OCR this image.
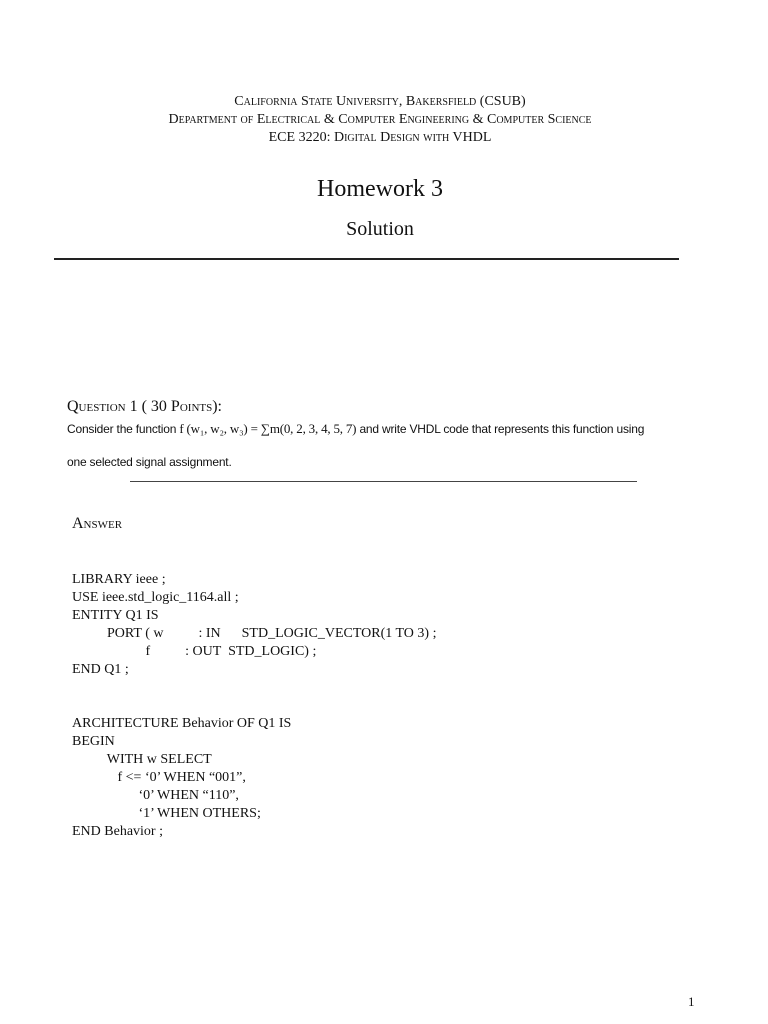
California State University, Bakersfield (CSUB)
Department of Electrical & Computer Engineering & Computer Science
ECE 3220: Digital Design with VHDL
Homework 3
Solution
Question 1 ( 30 Points):
Consider the function f (w₁, w₂, w₃) = ∑m(0, 2, 3, 4, 5, 7) and write VHDL code that represents this function using
one selected signal assignment.
Answer
LIBRARY ieee ;
USE ieee.std_logic_1164.all ;
ENTITY Q1 IS
PORT ( w          : IN      STD_LOGIC_VECTOR(1 TO 3) ;
f          : OUT  STD_LOGIC) ;
END Q1 ;
ARCHITECTURE Behavior OF Q1 IS
BEGIN
WITH w SELECT
f <= ‘0’ WHEN “001”,
‘0’ WHEN “110”,
‘1’ WHEN OTHERS;
END Behavior ;
1
